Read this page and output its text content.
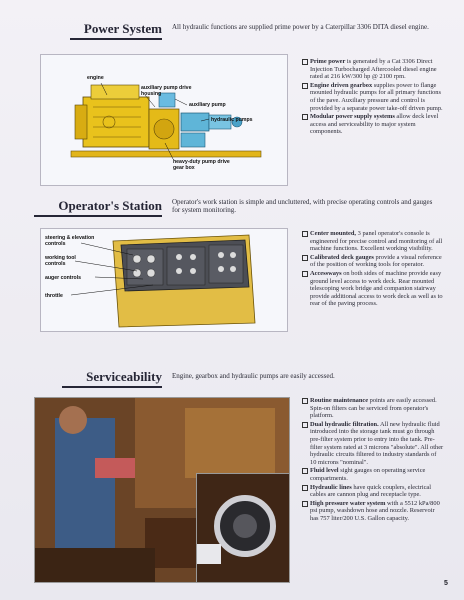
Power System All hydraulic functions are supplied prime power by a Caterpillar 3306 DITA diesel engine.
engine
auxiliary pump drive housing
auxiliary pump
hydraulic pumps
heavy-duty pump drive gear box
Prime power is generated by a Cat 3306 Direct Injection Turbocharged Aftercooled diesel engine rated at 216 kW/300 hp @ 2100 rpm.
Engine driven gearbox supplies power to flange mounted hydraulic pumps for all primary functions of the pave. Auxiliary pressure and control is provided by a separate power take-off driven pump.
Modular power supply systems allow deck level access and serviceability to major system components.
Operator's Station Operator's work station is simple and uncluttered, with precise operating controls and gauges for system monitoring.
steering & elevation controls
working tool controls
auger controls
throttle
Center mounted, 3 panel operator's console is engineered for precise control and monitoring of all machine functions. Excellent working visibility.
Calibrated deck gauges provide a visual reference of the position of working tools for operator.
Accessways on both sides of machine provide easy ground level access to work deck. Rear mounted telescoping work bridge and companion stairway provide additional access to work deck as well as to rear of the paving process.
Serviceability Engine, gearbox and hydraulic pumps are easily accessed.
Routine maintenance points are easily accessed. Spin-on filters can be serviced from operator's platform.
Dual hydraulic filtration. All new hydraulic fluid introduced into the storage tank must go through pre-filter system prior to entry into the tank. Pre-filter system rated at 3 microns "absolute". All other hydraulic circuits filtered to industry standards of 10 microns "nominal".
Fluid level sight gauges on operating service compartments.
Hydraulic lines have quick couplers, electrical cables are cannon plug and receptacle type.
High pressure water system with a 5512 kPa/800 psi pump, washdown hose and nozzle. Reservoir has 757 liter/200 U.S. Gallon capacity.
5
